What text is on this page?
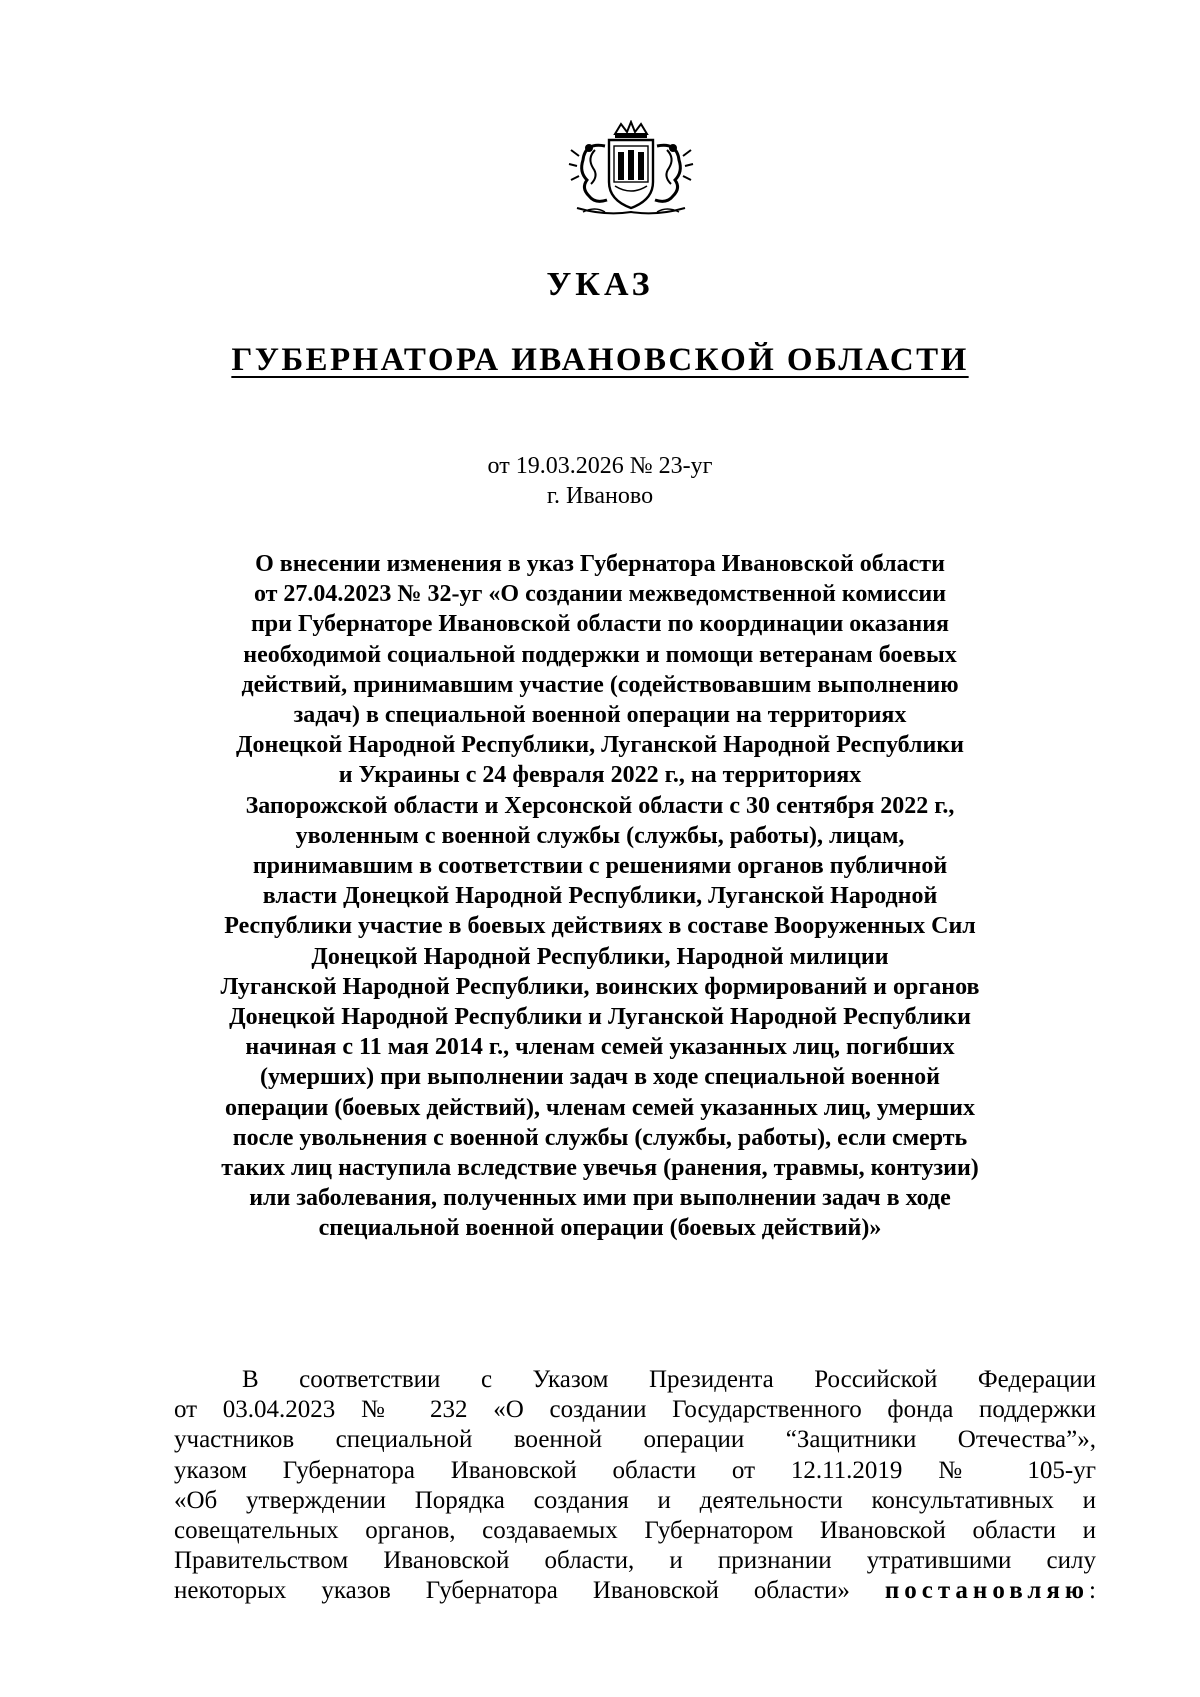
УКАЗ
ГУБЕРНАТОРА ИВАНОВСКОЙ ОБЛАСТИ
от 19.03.2026 № 23-уг
г. Иваново
О внесении изменения в указ Губернатора Ивановской области
от 27.04.2023 № 32-уг «О создании межведомственной комиссии
при Губернаторе Ивановской области по координации оказания
необходимой социальной поддержки и помощи ветеранам боевых
действий, принимавшим участие (содействовавшим выполнению
задач) в специальной военной операции на территориях
Донецкой Народной Республики, Луганской Народной Республики
и Украины с 24 февраля 2022 г., на территориях
Запорожской области и Херсонской области с 30 сентября 2022 г.,
уволенным с военной службы (службы, работы), лицам,
принимавшим в соответствии с решениями органов публичной
власти Донецкой Народной Республики, Луганской Народной
Республики участие в боевых действиях в составе Вооруженных Сил
Донецкой Народной Республики, Народной милиции
Луганской Народной Республики, воинских формирований и органов
Донецкой Народной Республики и Луганской Народной Республики
начиная с 11 мая 2014 г., членам семей указанных лиц, погибших
(умерших) при выполнении задач в ходе специальной военной
операции (боевых действий), членам семей указанных лиц, умерших
после увольнения с военной службы (службы, работы), если смерть
таких лиц наступила вследствие увечья (ранения, травмы, контузии)
или заболевания, полученных ими при выполнении задач в ходе
специальной военной операции (боевых действий)»
В соответствии с Указом Президента Российской Федерации
от 03.04.2023 № 232 «О создании Государственного фонда поддержки
участников специальной военной операции “Защитники Отечества”»,
указом Губернатора Ивановской области от 12.11.2019 № 105-уг
«Об утверждении Порядка создания и деятельности консультативных и
совещательных органов, создаваемых Губернатором Ивановской области и
Правительством Ивановской области, и признании утратившими силу
некоторых указов Губернатора Ивановской области» постановляю:
